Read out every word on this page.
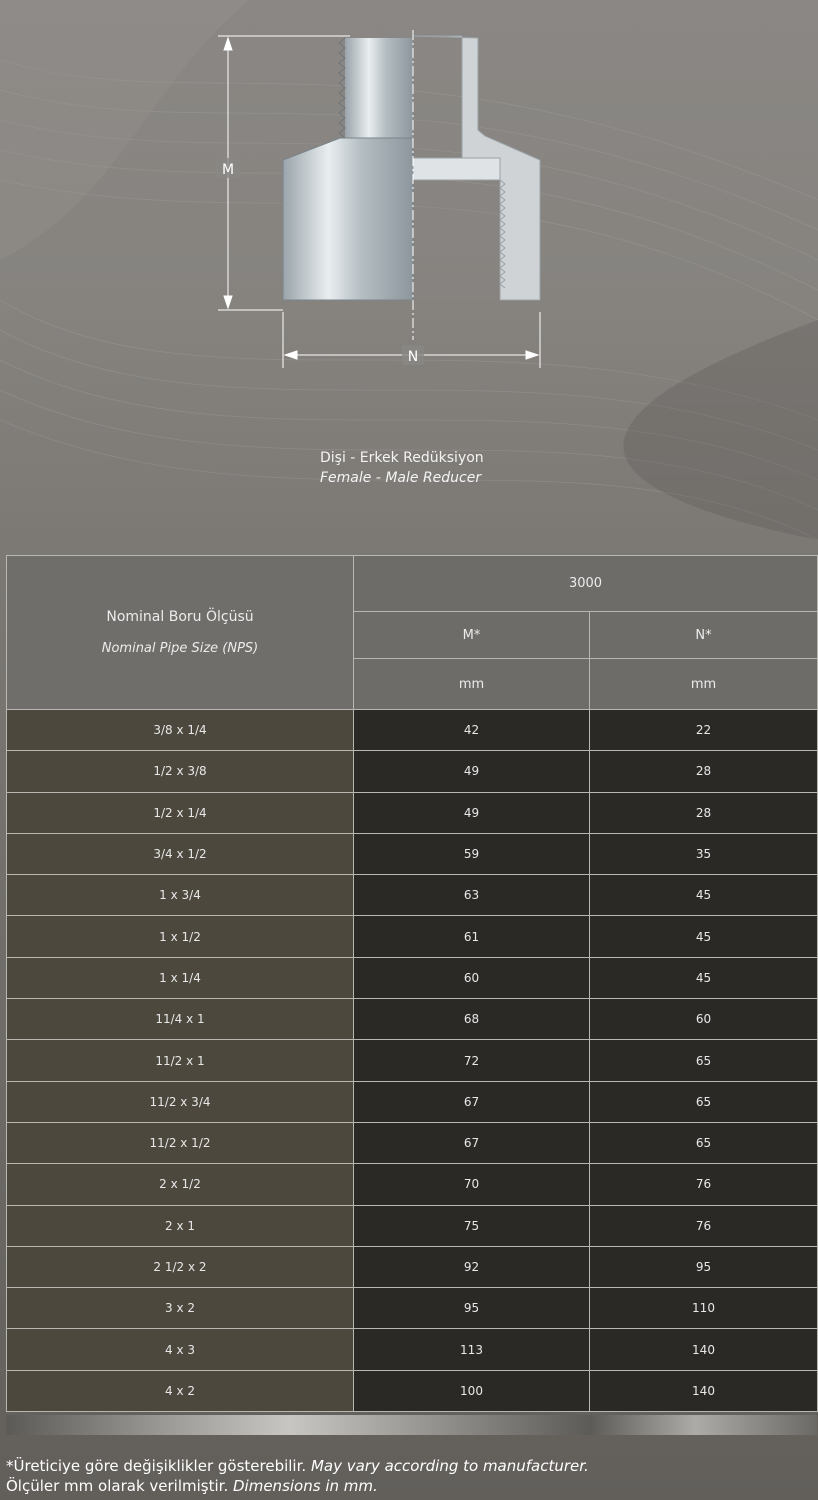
M
N
Dişi - Erkek Redüksiyon
Female - Male Reducer
Nominal Boru Ölçüsü
Nominal Pipe Size (NPS)	3000	
	M*	N*
	mm	mm
3/8 x 1/4	42	22
1/2 x 3/8	49	28
1/2 x 1/4	49	28
3/4 x 1/2	59	35
1 x 3/4	63	45
1 x 1/2	61	45
1 x 1/4	60	45
11/4 x 1	68	60
11/2 x 1	72	65
11/2 x 3/4	67	65
11/2 x 1/2	67	65
2 x 1/2	70	76
2 x 1	75	76
2 1/2 x 2	92	95
3 x 2	95	110
4 x 3	113	140
4 x 2	100	140
*Üreticiye göre değişiklikler gösterebilir. May vary according to manufacturer.
Ölçüler mm olarak verilmiştir. Dimensions in mm.
